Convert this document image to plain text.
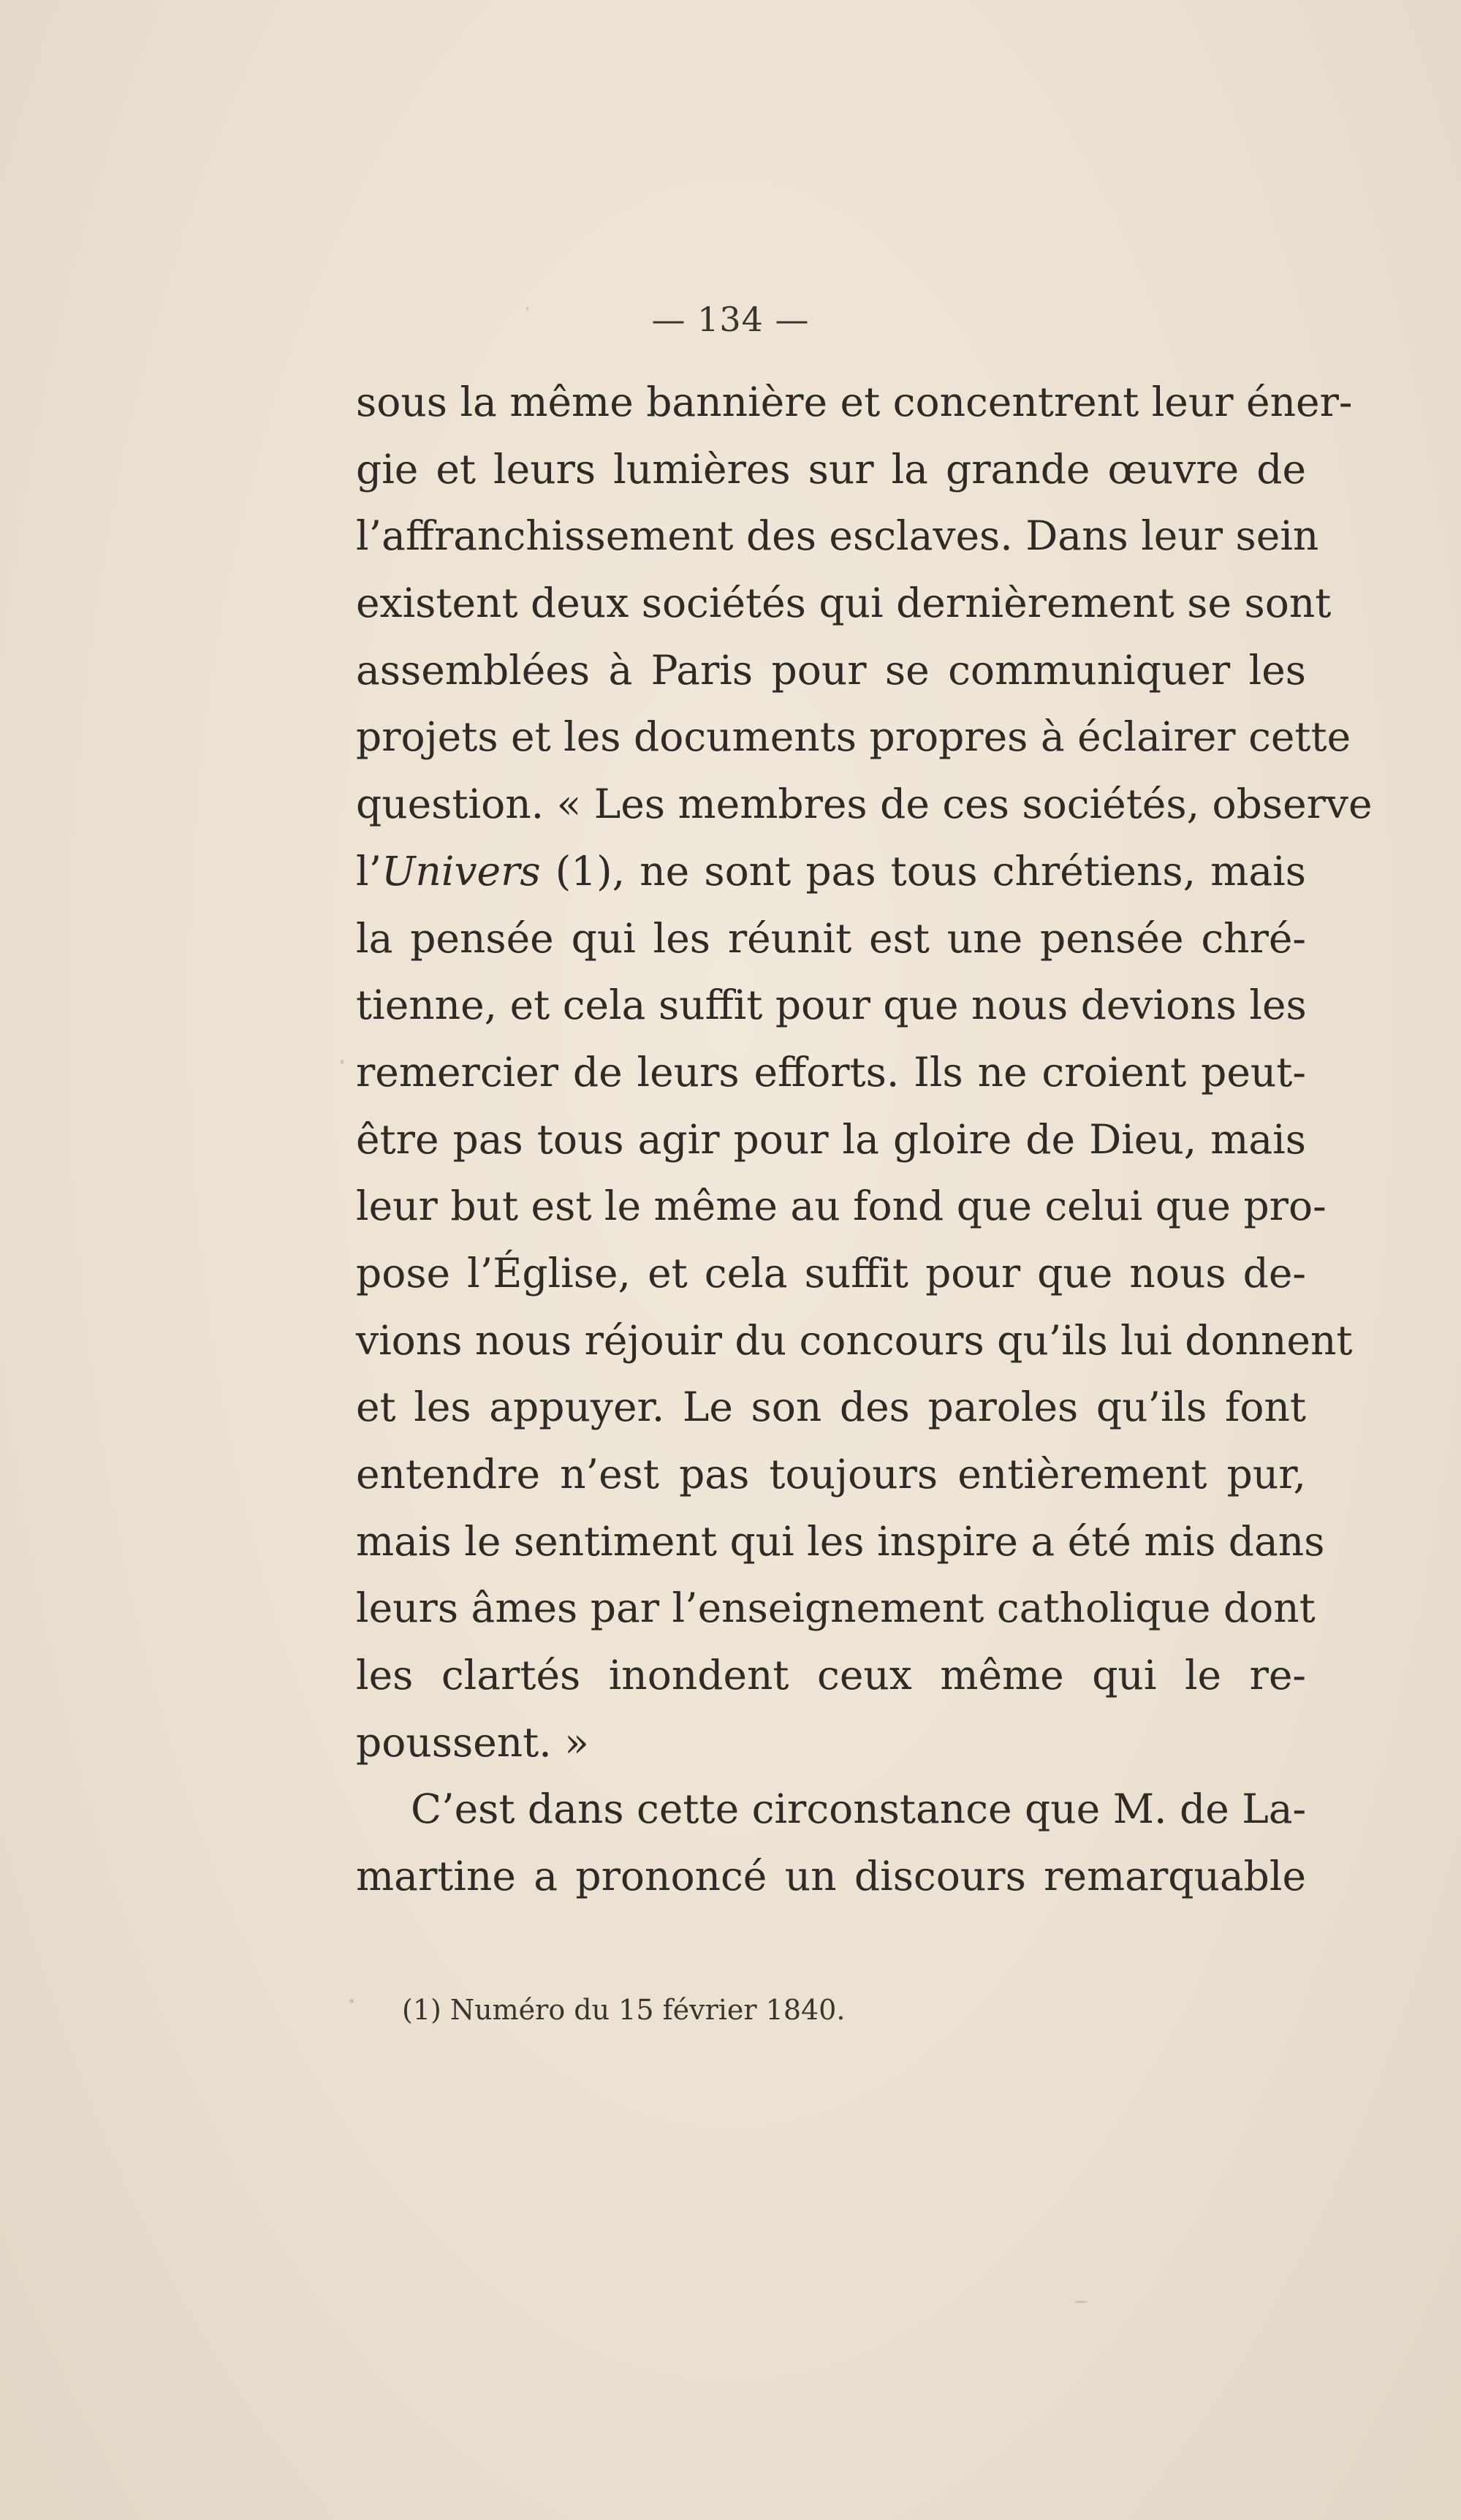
— 134 —
sous la même bannière et concentrent leur éner-
gie et leurs lumières sur la grande œuvre de
l’affranchissement des esclaves. Dans leur sein
existent deux sociétés qui dernièrement se sont
assemblées à Paris pour se communiquer les
projets et les documents propres à éclairer cette
question. « Les membres de ces sociétés, observe
l’Univers (1), ne sont pas tous chrétiens, mais
la pensée qui les réunit est une pensée chré-
tienne, et cela suffit pour que nous devions les
remercier de leurs efforts. Ils ne croient peut-
être pas tous agir pour la gloire de Dieu, mais
leur but est le même au fond que celui que pro-
pose l’Église, et cela suffit pour que nous de-
vions nous réjouir du concours qu’ils lui donnent
et les appuyer. Le son des paroles qu’ils font
entendre n’est pas toujours entièrement pur,
mais le sentiment qui les inspire a été mis dans
leurs âmes par l’enseignement catholique dont
les clartés inondent ceux même qui le re-
poussent. »
C’est dans cette circonstance que M. de La-
martine a prononcé un discours remarquable
(1) Numéro du 15 février 1840.
